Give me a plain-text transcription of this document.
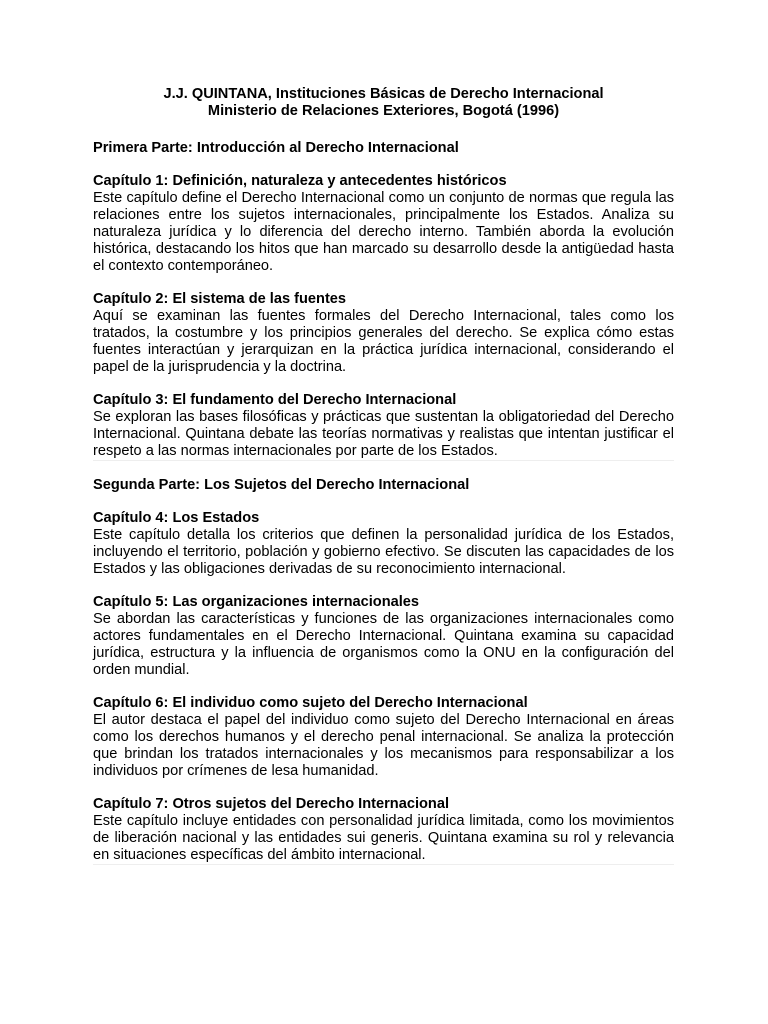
J.J. QUINTANA, Instituciones Básicas de Derecho Internacional
Ministerio de Relaciones Exteriores, Bogotá (1996)
Primera Parte: Introducción al Derecho Internacional
Capítulo 1: Definición, naturaleza y antecedentes históricos
Este capítulo define el Derecho Internacional como un conjunto de normas que regula las relaciones entre los sujetos internacionales, principalmente los Estados. Analiza su naturaleza jurídica y lo diferencia del derecho interno. También aborda la evolución histórica, destacando los hitos que han marcado su desarrollo desde la antigüedad hasta el contexto contemporáneo.
Capítulo 2: El sistema de las fuentes
Aquí se examinan las fuentes formales del Derecho Internacional, tales como los tratados, la costumbre y los principios generales del derecho. Se explica cómo estas fuentes interactúan y jerarquizan en la práctica jurídica internacional, considerando el papel de la jurisprudencia y la doctrina.
Capítulo 3: El fundamento del Derecho Internacional
Se exploran las bases filosóficas y prácticas que sustentan la obligatoriedad del Derecho Internacional. Quintana debate las teorías normativas y realistas que intentan justificar el respeto a las normas internacionales por parte de los Estados.
Segunda Parte: Los Sujetos del Derecho Internacional
Capítulo 4: Los Estados
Este capítulo detalla los criterios que definen la personalidad jurídica de los Estados, incluyendo el territorio, población y gobierno efectivo. Se discuten las capacidades de los Estados y las obligaciones derivadas de su reconocimiento internacional.
Capítulo 5: Las organizaciones internacionales
Se abordan las características y funciones de las organizaciones internacionales como actores fundamentales en el Derecho Internacional. Quintana examina su capacidad jurídica, estructura y la influencia de organismos como la ONU en la configuración del orden mundial.
Capítulo 6: El individuo como sujeto del Derecho Internacional
El autor destaca el papel del individuo como sujeto del Derecho Internacional en áreas como los derechos humanos y el derecho penal internacional. Se analiza la protección que brindan los tratados internacionales y los mecanismos para responsabilizar a los individuos por crímenes de lesa humanidad.
Capítulo 7: Otros sujetos del Derecho Internacional
Este capítulo incluye entidades con personalidad jurídica limitada, como los movimientos de liberación nacional y las entidades sui generis. Quintana examina su rol y relevancia en situaciones específicas del ámbito internacional.
